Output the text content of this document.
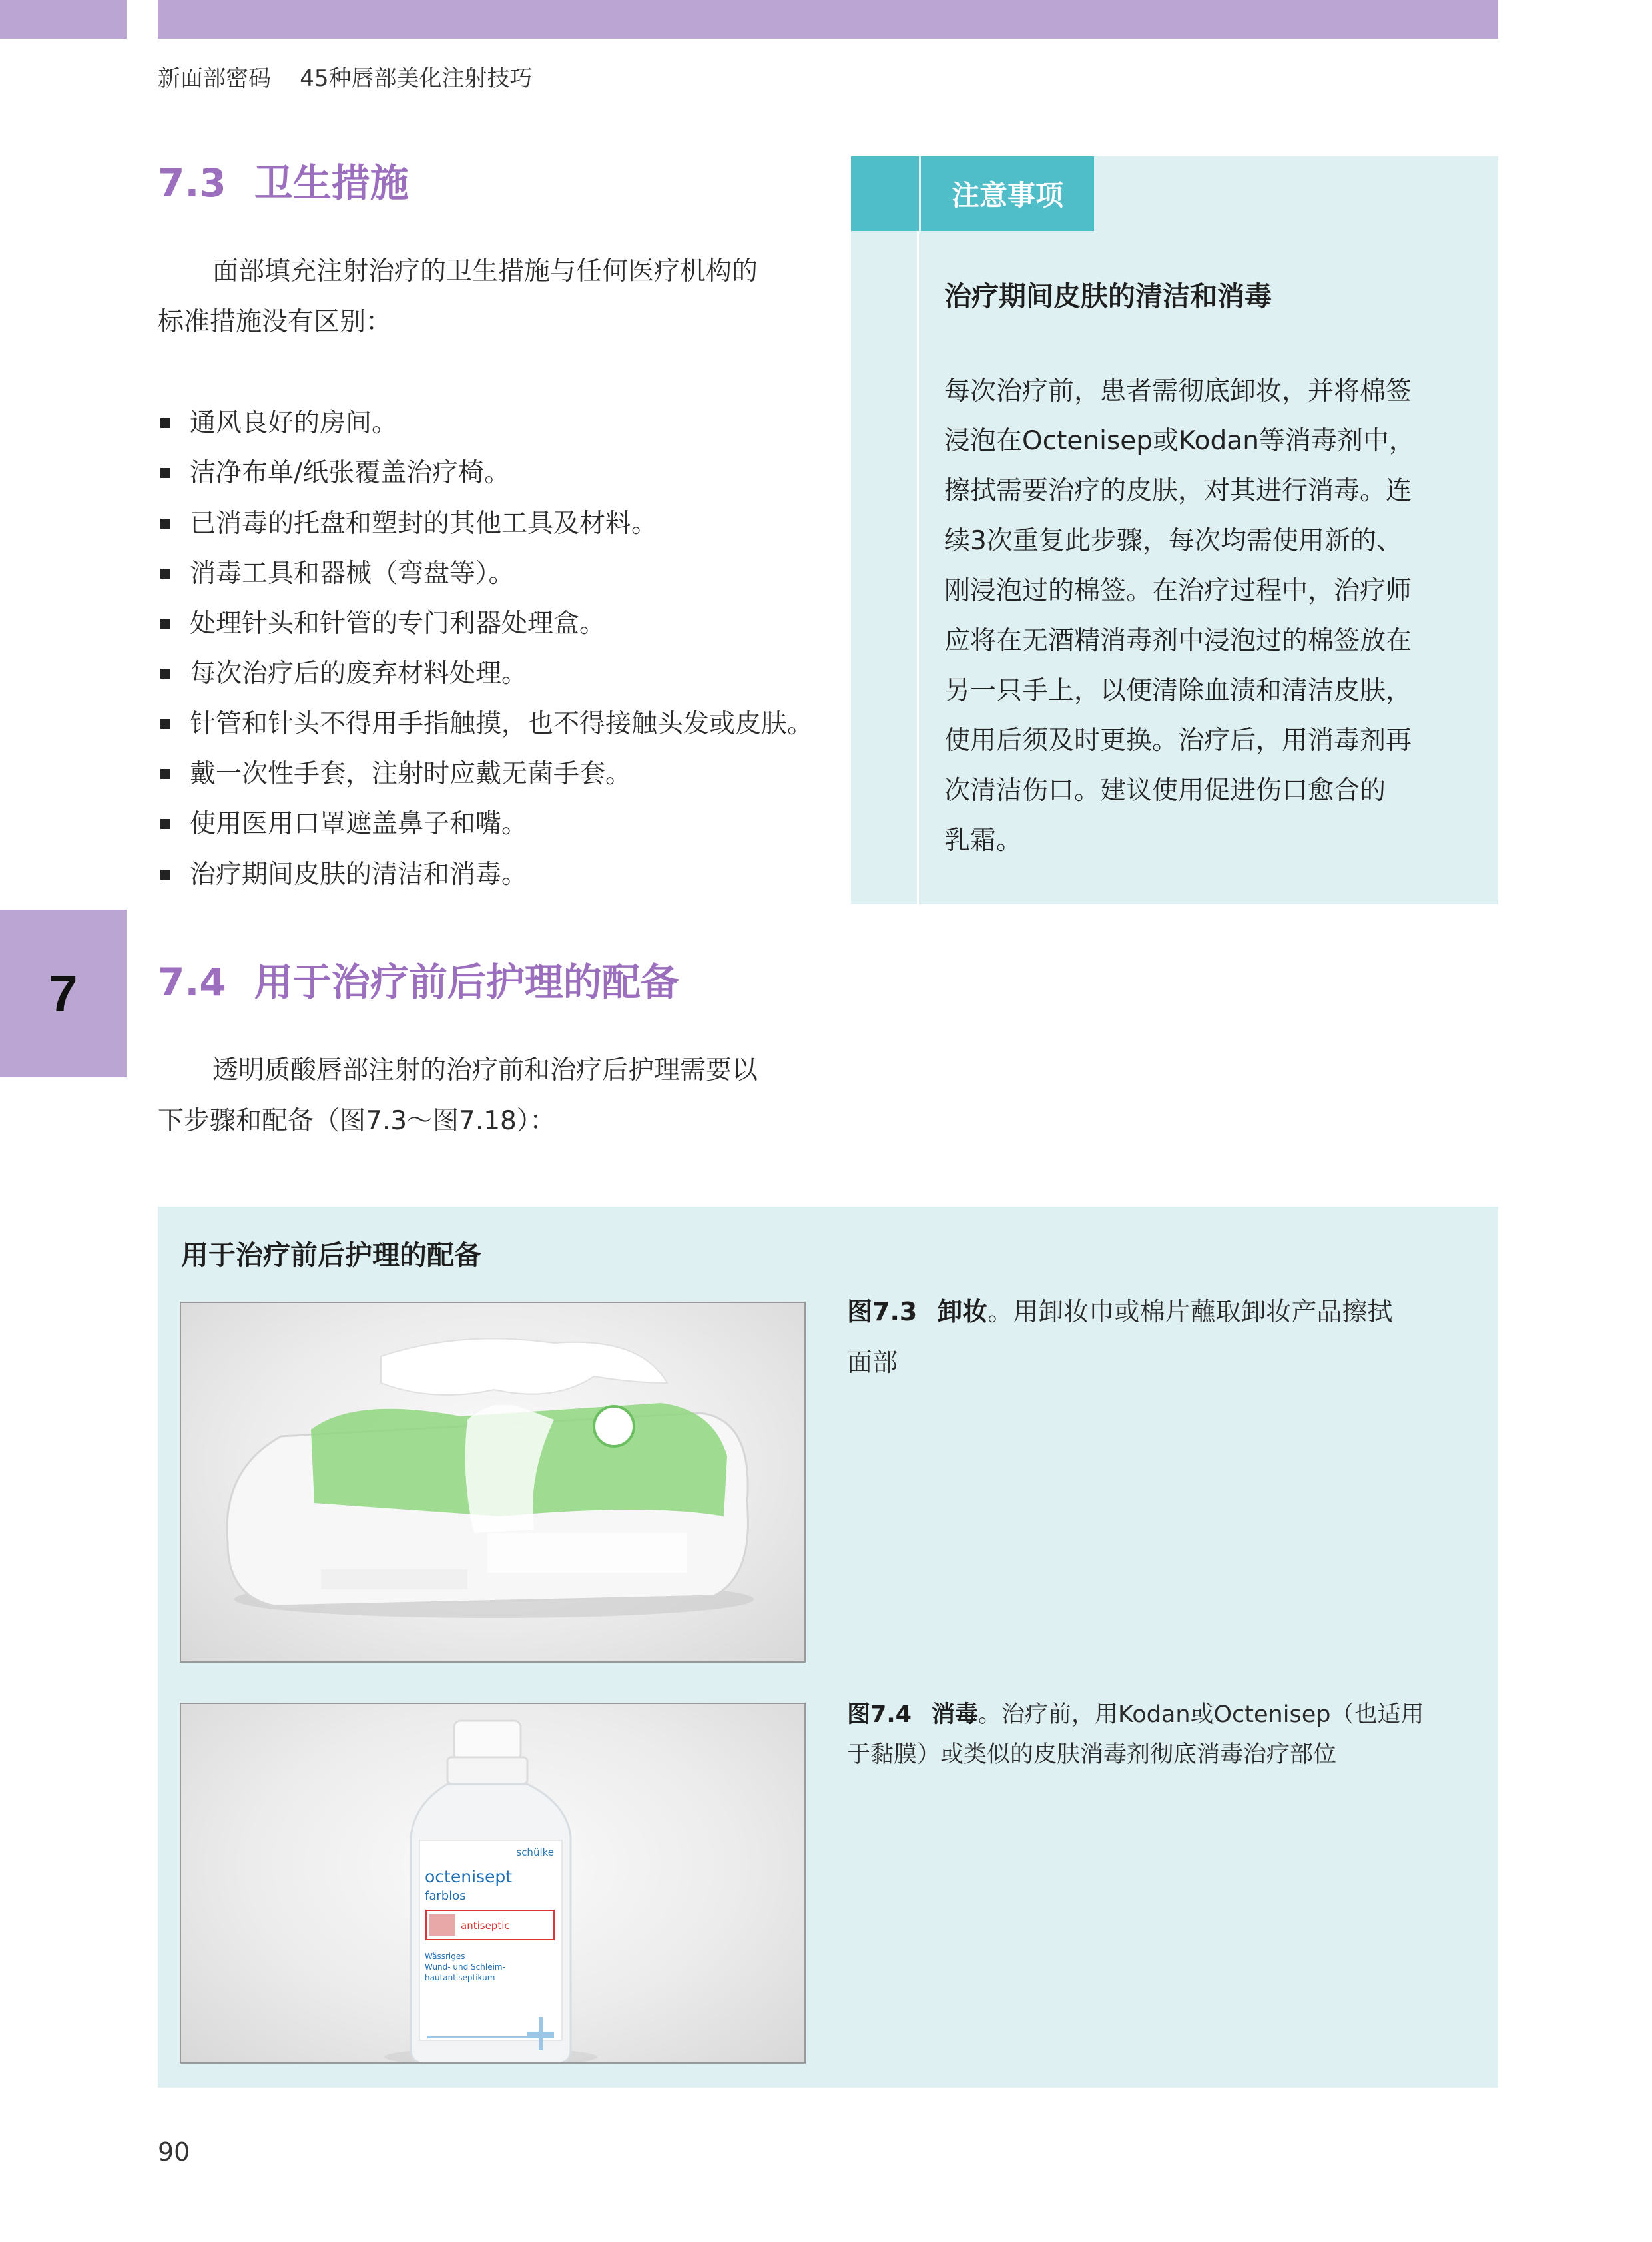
新面部密码    45种唇部美化注射技巧
7
7.3 卫生措施
面部填充注射治疗的卫生措施与任何医疗机构的
标准措施没有区别：
通风良好的房间。
洁净布单/纸张覆盖治疗椅。
已消毒的托盘和塑封的其他工具及材料。
消毒工具和器械（弯盘等）。
处理针头和针管的专门利器处理盒。
每次治疗后的废弃材料处理。
针管和针头不得用手指触摸，也不得接触头发或皮肤。
戴一次性手套，注射时应戴无菌手套。
使用医用口罩遮盖鼻子和嘴。
治疗期间皮肤的清洁和消毒。
注意事项
治疗期间皮肤的清洁和消毒
每次治疗前，患者需彻底卸妆，并将棉签
浸泡在Octenisep或Kodan等消毒剂中，
擦拭需要治疗的皮肤，对其进行消毒。连
续3次重复此步骤，每次均需使用新的、
刚浸泡过的棉签。在治疗过程中，治疗师
应将在无酒精消毒剂中浸泡过的棉签放在
另一只手上，以便清除血渍和清洁皮肤，
使用后须及时更换。治疗后，用消毒剂再
次清洁伤口。建议使用促进伤口愈合的
乳霜。
7.4 用于治疗前后护理的配备
透明质酸唇部注射的治疗前和治疗后护理需要以
下步骤和配备（图7.3～图7.18）：
用于治疗前后护理的配备
schülke
octenisept
farblos
antiseptic
Wässriges
Wund- und Schleim-
hautantiseptikum
图7.3 卸妆。用卸妆巾或棉片蘸取卸妆产品擦拭
面部
图7.4 消毒。治疗前，用Kodan或Octenisep（也适用
于黏膜）或类似的皮肤消毒剂彻底消毒治疗部位
90
